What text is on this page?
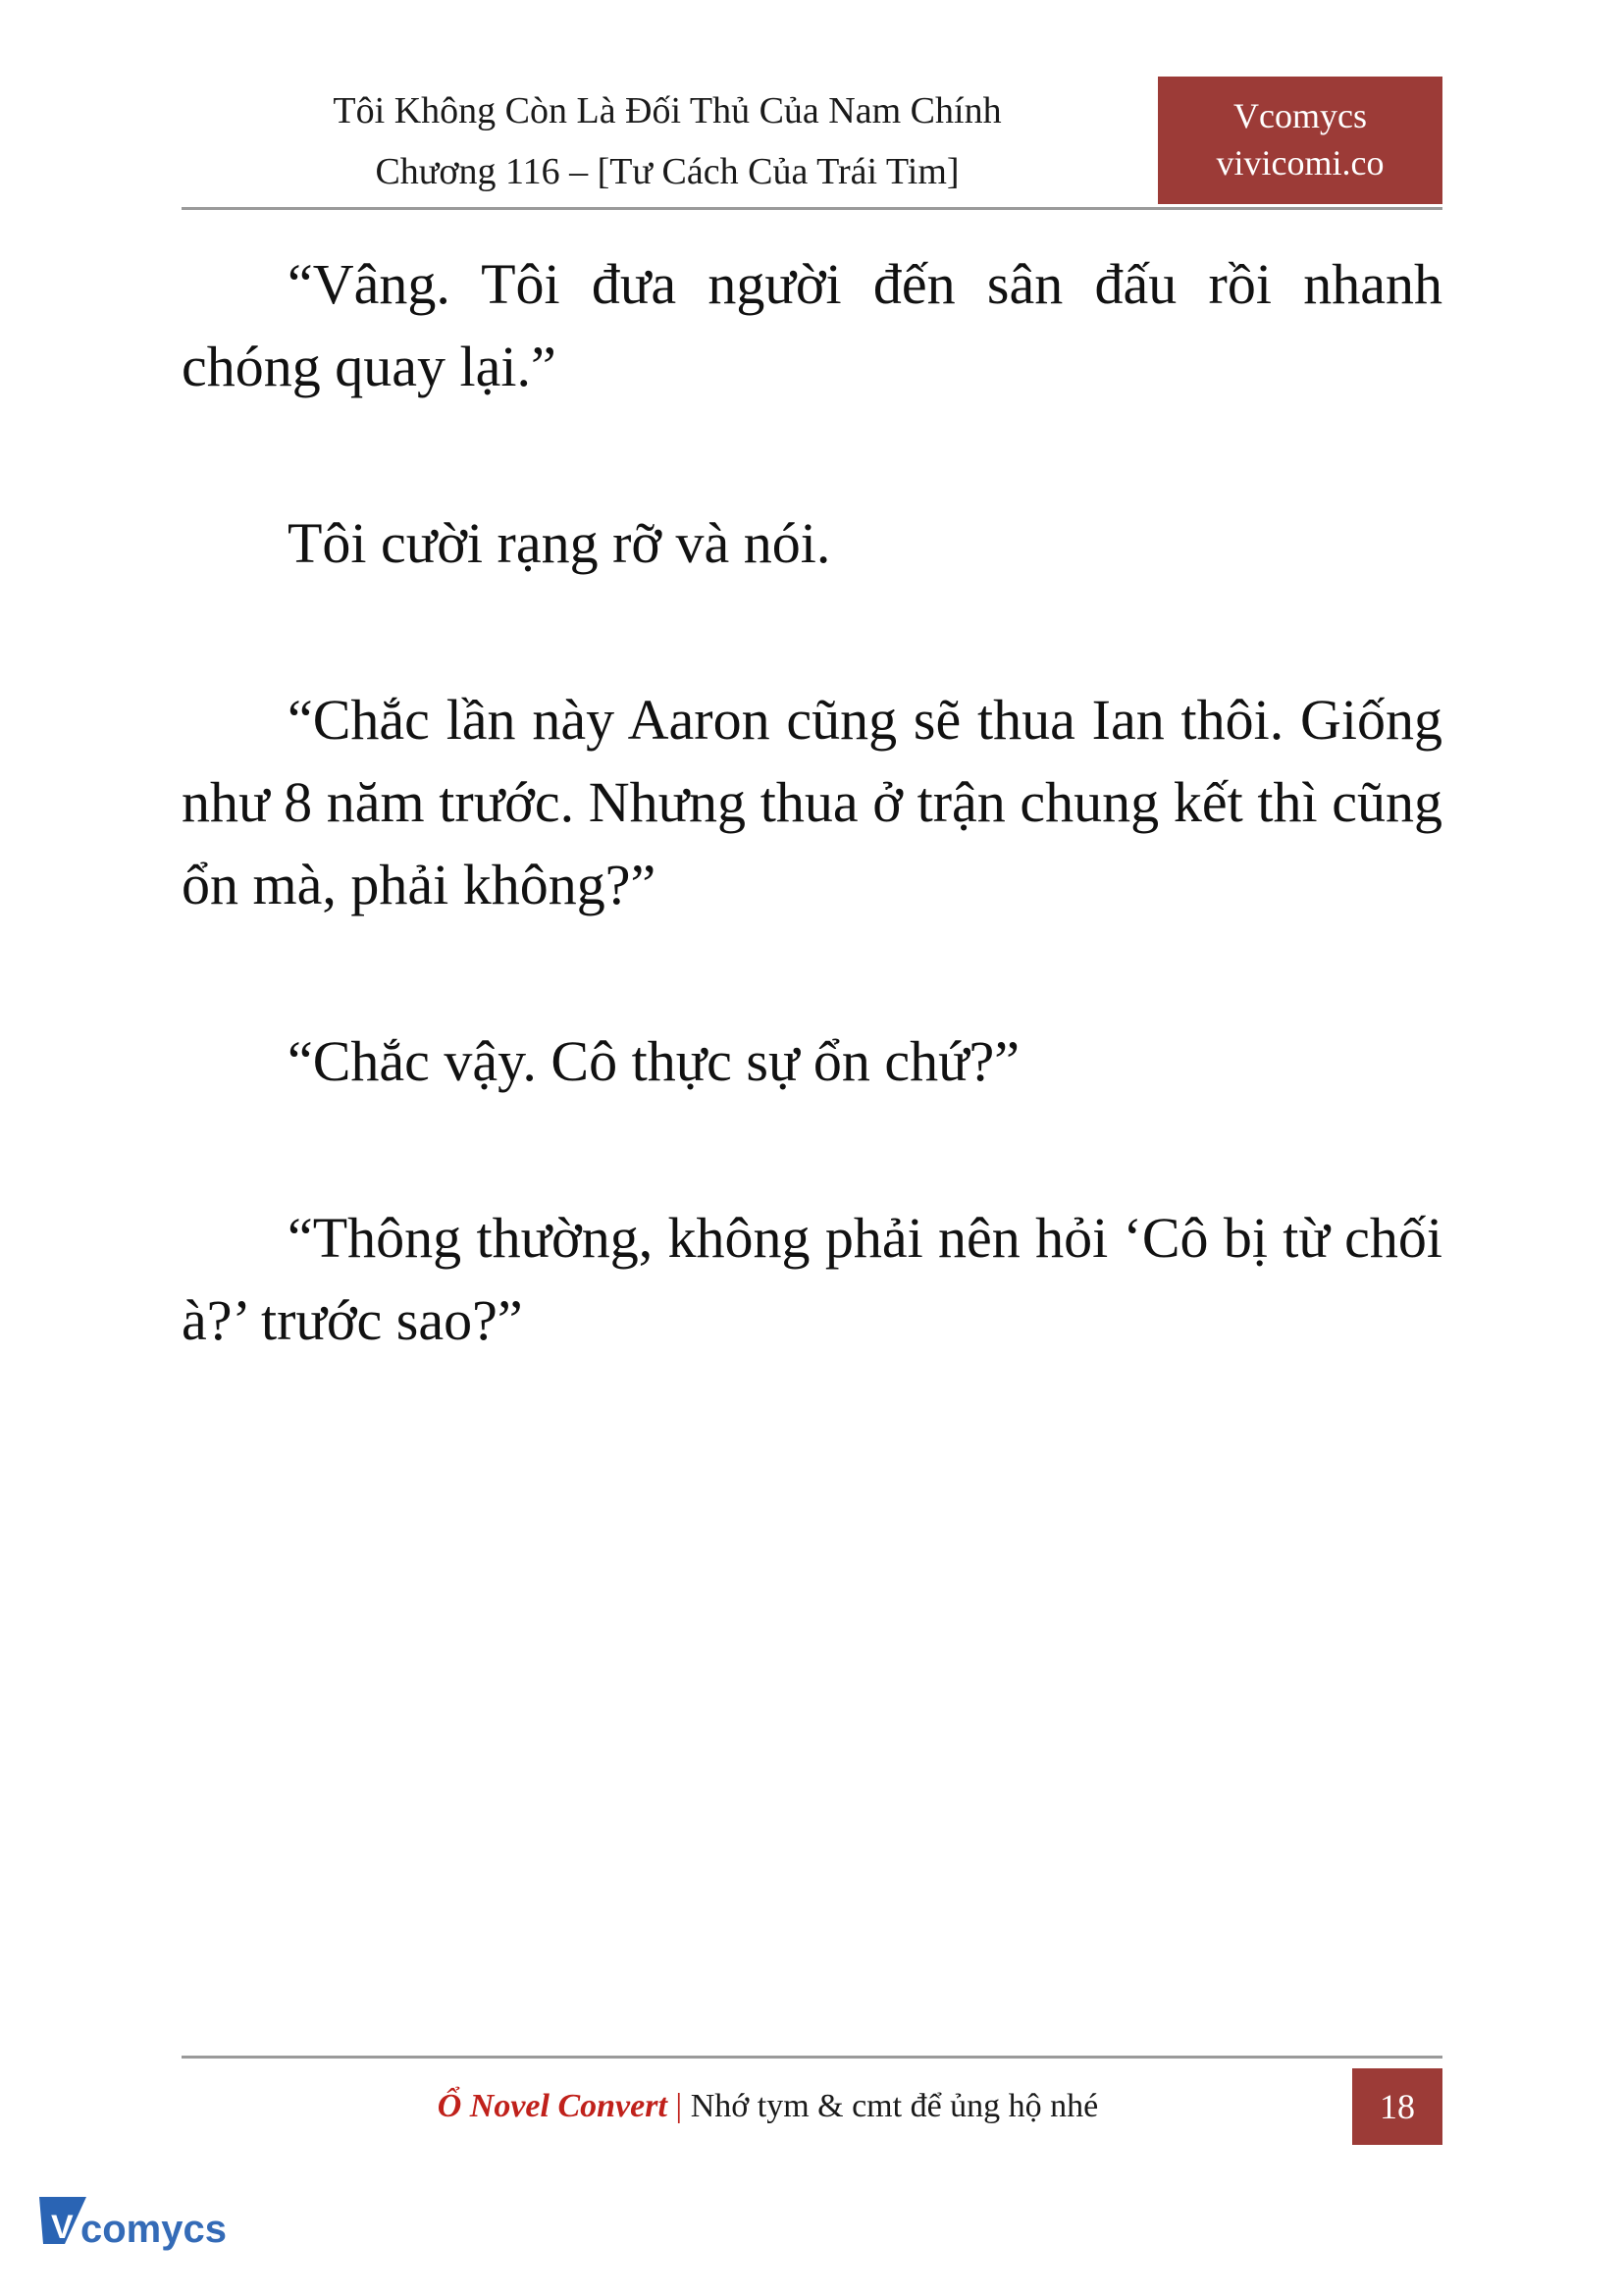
Tôi Không Còn Là Đối Thủ Của Nam Chính
Chương 116 – [Tư Cách Của Trái Tim]
Vcomycs
vivicomi.co

“Vâng. Tôi đưa người đến sân đấu rồi nhanh chóng quay lại.”

Tôi cười rạng rỡ và nói.

“Chắc lần này Aaron cũng sẽ thua Ian thôi. Giống như 8 năm trước. Nhưng thua ở trận chung kết thì cũng ổn mà, phải không?”

“Chắc vậy. Cô thực sự ổn chứ?”

“Thông thường, không phải nên hỏi ‘Cô bị từ chối à?’ trước sao?”

Ổ Novel Convert | Nhớ tym & cmt để ủng hộ nhé	18
V comycs
